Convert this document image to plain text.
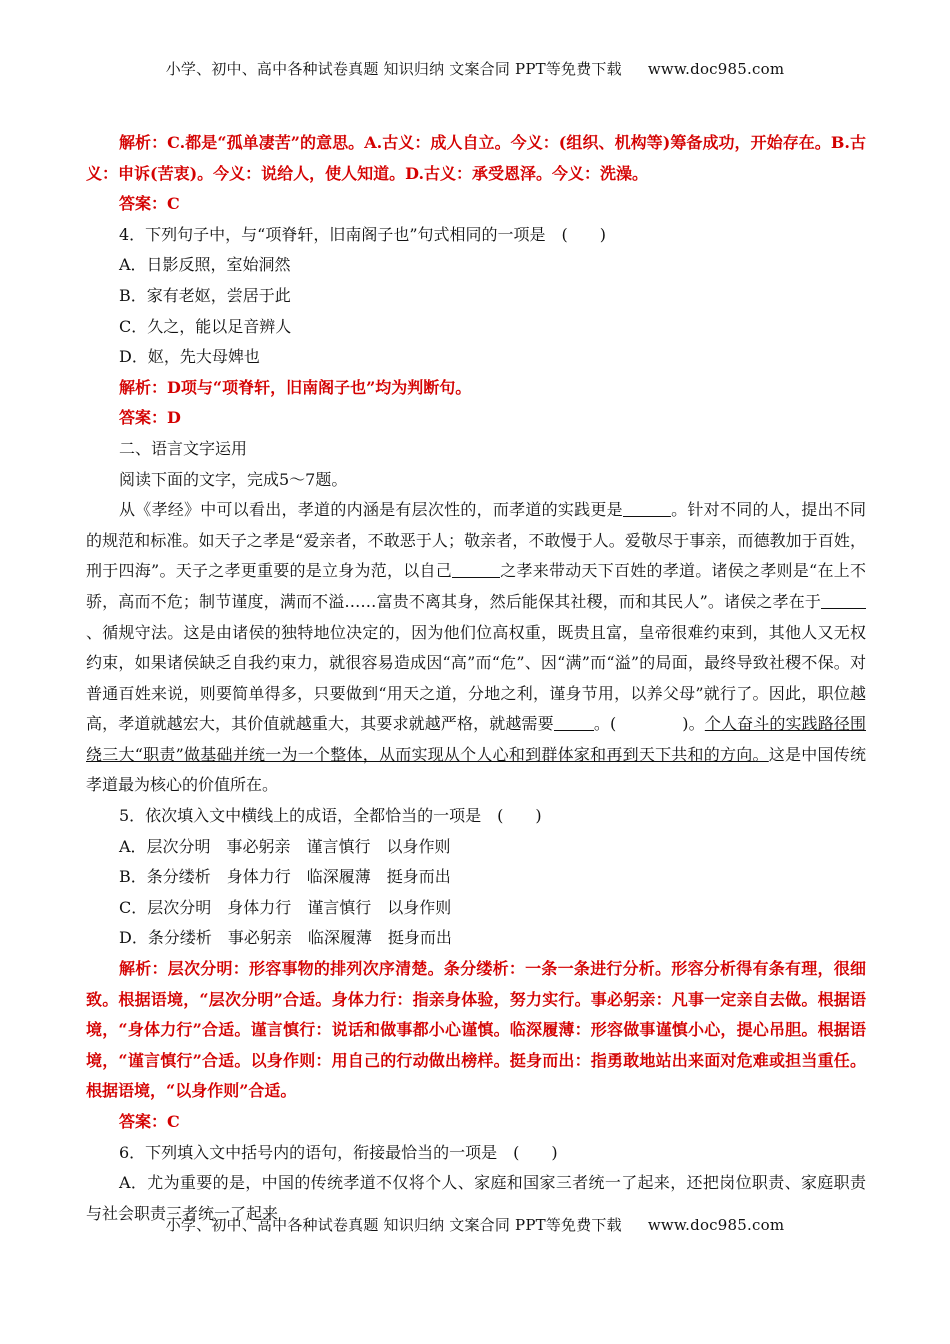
小学、初中、高中各种试卷真题 知识归纳 文案合同 PPT等免费下载 www.doc985.com
解析：C.都是“孤单凄苦”的意思。A.古义：成人自立。今义：(组织、机构等)筹备成功，开始存在。B.古义：申诉(苦衷)。今义：说给人，使人知道。D.古义：承受恩泽。今义：洗澡。
答案：C
4．下列句子中，与“项脊轩，旧南阁子也”句式相同的一项是　(　　)
A．日影反照，室始洞然
B．家有老妪，尝居于此
C．久之，能以足音辨人
D．妪，先大母婢也
解析：D项与“项脊轩，旧南阁子也”均为判断句。
答案：D
二、语言文字运用
阅读下面的文字，完成5～7题。
从《孝经》中可以看出，孝道的内涵是有层次性的，而孝道的实践更是	。针对不同的人，提出不同的规范和标准。如天子之孝是“爱亲者，不敢恶于人；敬亲者，不敢慢于人。爱敬尽于事亲，而德教加于百姓，刑于四海”。天子之孝更重要的是立身为范，以自己	之孝来带动天下百姓的孝道。诸侯之孝则是“在上不骄，高而不危；制节谨度，满而不溢……富贵不离其身，然后能保其社稷，而和其民人”。诸侯之孝在于、循规守法。这是由诸侯的独特地位决定的，因为他们位高权重，既贵且富，皇帝很难约束到，其他人又无权约束，如果诸侯缺乏自我约束力，就很容易造成因“高”而“危”、因“满”而“溢”的局面，最终导致社稷不保。对普通百姓来说，则要简单得多，只要做到“用天之道，分地之利，谨身节用，以养父母”就行了。因此，职位越高，孝道就越宏大，其价值就越重大，其要求就越严格，就越需要	。(	)。个人奋斗的实践路径围绕三大“职责”做基础并统一为一个整体，从而实现从个人心和到群体家和再到天下共和的方向。这是中国传统孝道最为核心的价值所在。
5．依次填入文中横线上的成语，全都恰当的一项是　(　　)
A．层次分明　事必躬亲　谨言慎行　以身作则
B．条分缕析　身体力行　临深履薄　挺身而出
C．层次分明　身体力行　谨言慎行　以身作则
D．条分缕析　事必躬亲　临深履薄　挺身而出
解析：层次分明：形容事物的排列次序清楚。条分缕析：一条一条进行分析。形容分析得有条有理，很细致。根据语境，“层次分明”合适。身体力行：指亲身体验，努力实行。事必躬亲：凡事一定亲自去做。根据语境，“身体力行”合适。谨言慎行：说话和做事都小心谨慎。临深履薄：形容做事谨慎小心，提心吊胆。根据语境，“谨言慎行”合适。以身作则：用自己的行动做出榜样。挺身而出：指勇敢地站出来面对危难或担当重任。根据语境，“以身作则”合适。
答案：C
6．下列填入文中括号内的语句，衔接最恰当的一项是　(　　)
A．尤为重要的是，中国的传统孝道不仅将个人、家庭和国家三者统一了起来，还把岗位职责、家庭职责与社会职责三者统一了起来
小学、初中、高中各种试卷真题 知识归纳 文案合同 PPT等免费下载 www.doc985.com
